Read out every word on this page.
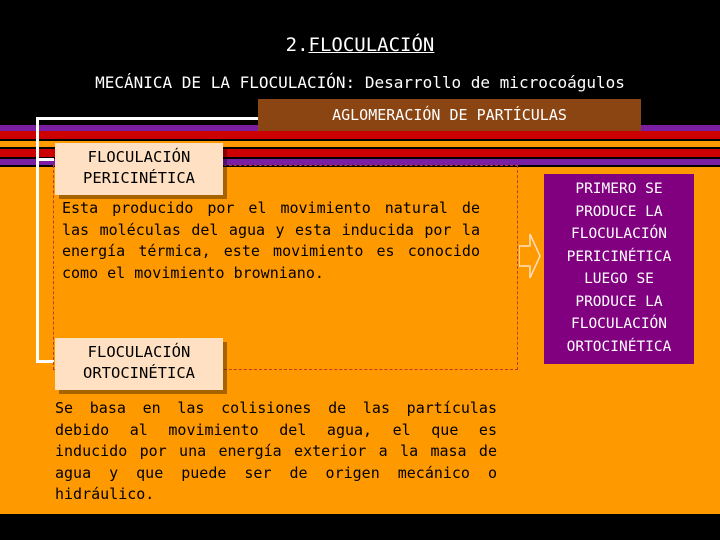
2.FLOCULACIÓN
MECÁNICA DE LA FLOCULACIÓN: Desarrollo de microcoágulos
AGLOMERACIÓN DE PARTÍCULAS
FLOCULACIÓN
PERICINÉTICA
Esta producido por el movimiento natural de las moléculas del agua y esta inducida por la energía térmica, este movimiento es conocido como el movimiento browniano.
FLOCULACIÓN
ORTOCINÉTICA
Se basa en las colisiones de las partículas debido al movimiento del agua, el que es inducido por una energía exterior a la masa de agua y que puede ser de origen mecánico o hidráulico.
PRIMERO SE
PRODUCE LA
FLOCULACIÓN
PERICINÉTICA
LUEGO SE
PRODUCE LA
FLOCULACIÓN
ORTOCINÉTICA
